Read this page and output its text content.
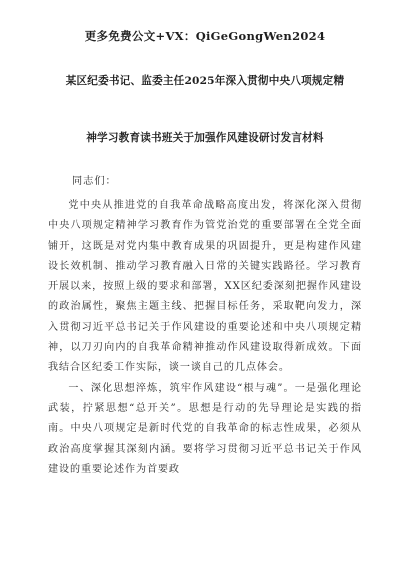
更多免费公文+VX：QiGeGongWen2024
某区纪委书记、监委主任2025年深入贯彻中央八项规定精
神学习教育读书班关于加强作风建设研讨发言材料
同志们：

党中央从推进党的自我革命战略高度出发，将深化深入贯彻中央八项规定精神学习教育作为管党治党的重要部署在全党全面铺开，这既是对党内集中教育成果的巩固提升，更是构建作风建设长效机制、推动学习教育融入日常的关键实践路径。学习教育开展以来，按照上级的要求和部署，XX区纪委深刻把握作风建设的政治属性，聚焦主题主线、把握目标任务，采取靶向发力，深入贯彻习近平总书记关于作风建设的重要论述和中央八项规定精神，以刀刃向内的自我革命精神推动作风建设取得新成效。下面我结合区纪委工作实际，谈一谈自己的几点体会。

一、深化思想淬炼，筑牢作风建设“根与魂”。一是强化理论武装，拧紧思想“总开关”。思想是行动的先导理论是实践的指南。中央八项规定是新时代党的自我革命的标志性成果，必须从政治高度掌握其深刻内涵。要将学习贯彻习近平总书记关于作风建设的重要论述作为首要政
